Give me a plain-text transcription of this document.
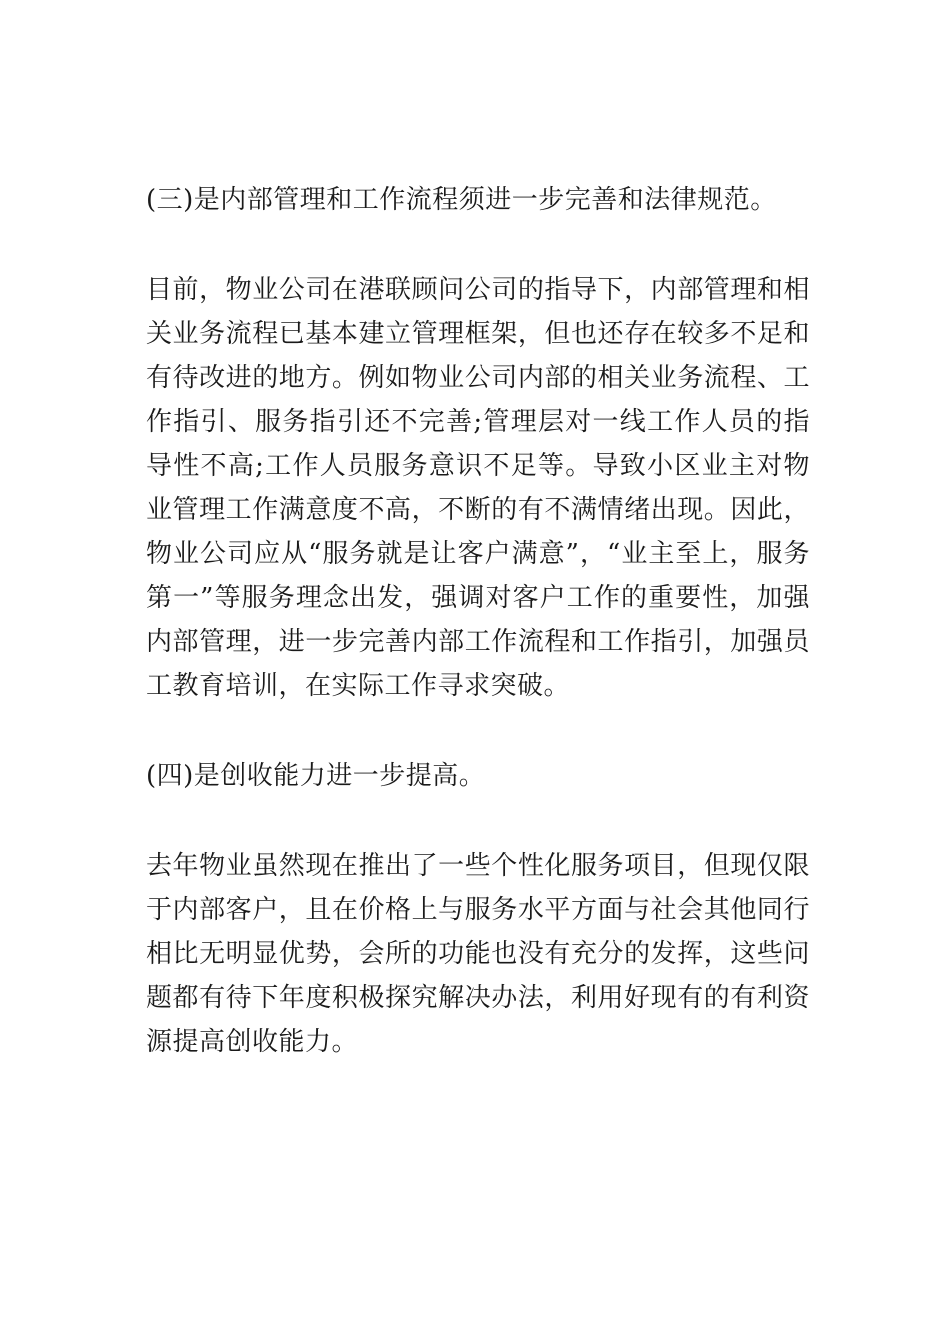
(三)是内部管理和工作流程须进一步完善和法律规范。

目前，物业公司在港联顾问公司的指导下，内部管理和相关业务流程已基本建立管理框架，但也还存在较多不足和有待改进的地方。例如物业公司内部的相关业务流程、工作指引、服务指引还不完善;管理层对一线工作人员的指导性不高;工作人员服务意识不足等。导致小区业主对物业管理工作满意度不高，不断的有不满情绪出现。因此，物业公司应从“服务就是让客户满意”，“业主至上，服务第一”等服务理念出发，强调对客户工作的重要性，加强内部管理，进一步完善内部工作流程和工作指引，加强员工教育培训，在实际工作寻求突破。

(四)是创收能力进一步提高。

去年物业虽然现在推出了一些个性化服务项目，但现仅限于内部客户，且在价格上与服务水平方面与社会其他同行相比无明显优势，会所的功能也没有充分的发挥，这些问题都有待下年度积极探究解决办法，利用好现有的有利资源提高创收能力。
